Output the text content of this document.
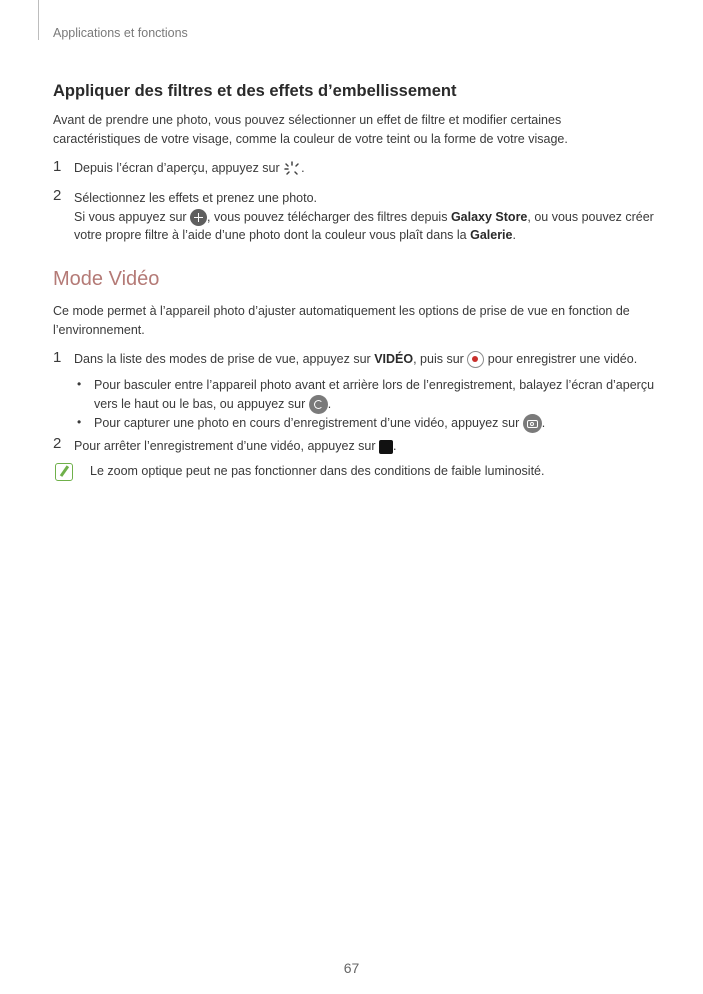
Applications et fonctions
Appliquer des filtres et des effets d’embellissement
Avant de prendre une photo, vous pouvez sélectionner un effet de filtre et modifier certaines
caractéristiques de votre visage, comme la couleur de votre teint ou la forme de votre visage.
1 Depuis l’écran d’aperçu, appuyez sur .
2 Sélectionnez les effets et prenez une photo.
Si vous appuyez sur , vous pouvez télécharger des filtres depuis Galaxy Store, ou vous pouvez créer
votre propre filtre à l’aide d’une photo dont la couleur vous plaît dans la Galerie.
Mode Vidéo
Ce mode permet à l’appareil photo d’ajuster automatiquement les options de prise de vue en fonction de
l’environnement.
1 Dans la liste des modes de prise de vue, appuyez sur VIDÉO, puis sur pour enregistrer une vidéo.
• Pour basculer entre l’appareil photo avant et arrière lors de l’enregistrement, balayez l’écran d’aperçu
vers le haut ou le bas, ou appuyez sur .
• Pour capturer une photo en cours d’enregistrement d’une vidéo, appuyez sur .
2 Pour arrêter l’enregistrement d’une vidéo, appuyez sur .
Le zoom optique peut ne pas fonctionner dans des conditions de faible luminosité.
67
